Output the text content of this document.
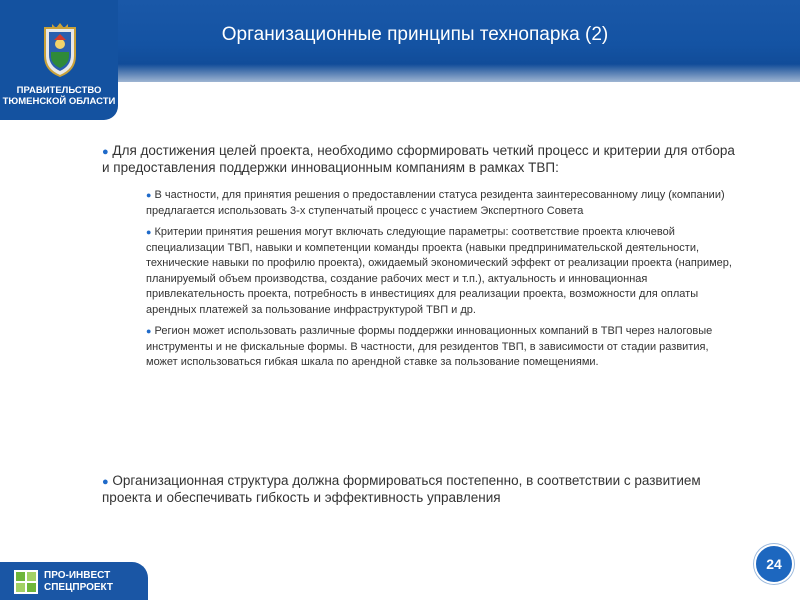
Организационные принципы технопарка (2)
ПРАВИТЕЛЬСТВО ТЮМЕНСКОЙ ОБЛАСТИ

● Для достижения целей проекта, необходимо сформировать четкий процесс и критерии для отбора и предоставления поддержки инновационным компаниям в рамках ТВП:

● В частности, для принятия решения о предоставлении статуса резидента заинтересованному лицу (компании) предлагается использовать 3-х ступенчатый процесс с участием Экспертного Совета

● Критерии принятия решения могут включать следующие параметры: соответствие проекта ключевой специализации ТВП, навыки и компетенции команды проекта (навыки предпринимательской деятельности, технические навыки по профилю проекта), ожидаемый экономический эффект от реализации проекта (например, планируемый объем производства, создание рабочих мест и т.п.), актуальность и инновационная привлекательность проекта, потребность в инвестициях для реализации проекта, возможности для оплаты арендных платежей за пользование инфраструктурой ТВП и др.

● Регион может использовать различные формы поддержки инновационных компаний в ТВП через налоговые инструменты и не фискальные формы. В частности, для резидентов ТВП, в зависимости от стадии развития, может использоваться гибкая шкала по арендной ставке за пользование помещениями.

● Организационная структура должна формироваться постепенно, в соответствии с развитием проекта и обеспечивать гибкость и эффективность управления

ПРО-ИНВЕСТ
СПЕЦПРОЕКТ
24
